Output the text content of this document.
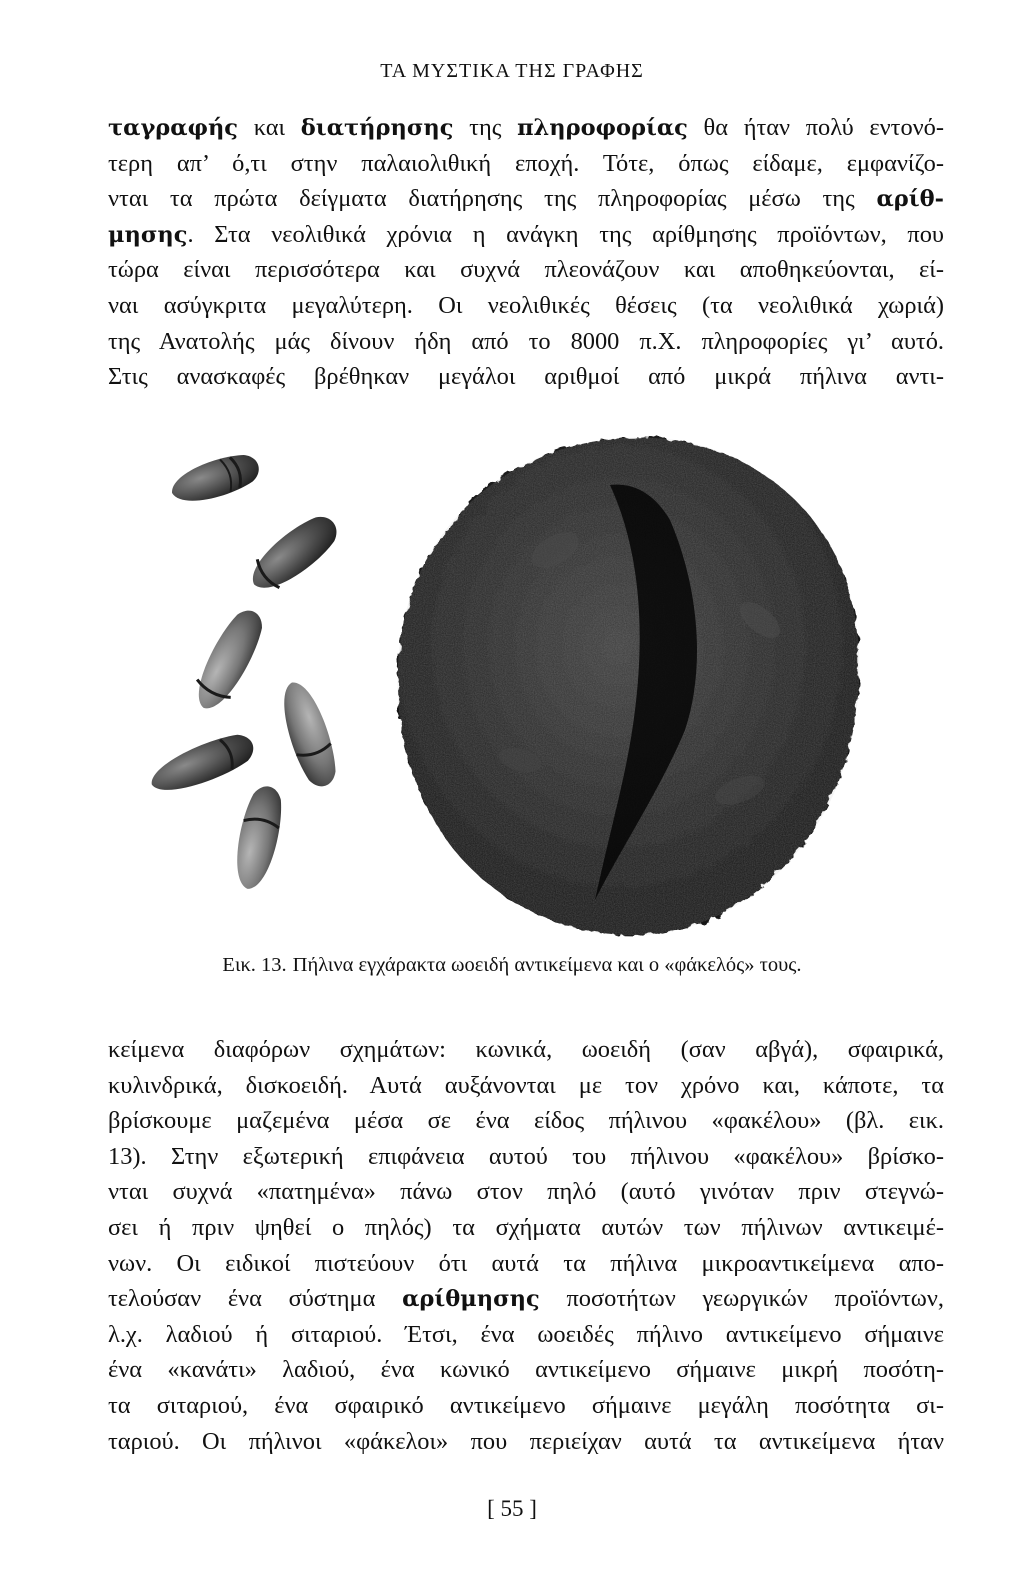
ΤΑ ΜΥΣΤΙΚΑ ΤΗΣ ΓΡΑΦΗΣ
ταγραφής και διατήρησης της πληροφορίας θα ήταν πολύ εντονό-
τερη απ’ ό,τι στην παλαιολιθική εποχή. Τότε, όπως είδαμε, εμφανίζο-
νται τα πρώτα δείγματα διατήρησης της πληροφορίας μέσω της αρίθ-
μησης. Στα νεολιθικά χρόνια η ανάγκη της αρίθμησης προϊόντων, που
τώρα είναι περισσότερα και συχνά πλεονάζουν και αποθηκεύονται, εί-
ναι ασύγκριτα μεγαλύτερη. Οι νεολιθικές θέσεις (τα νεολιθικά χωριά)
της Ανατολής μάς δίνουν ήδη από το 8000 π.Χ. πληροφορίες γι’ αυτό.
Στις ανασκαφές βρέθηκαν μεγάλοι αριθμοί από μικρά πήλινα αντι-
Εικ. 13. Πήλινα εγχάρακτα ωοειδή αντικείμενα και ο «φάκελός» τους.
κείμενα διαφόρων σχημάτων: κωνικά, ωοειδή (σαν αβγά), σφαιρικά,
κυλινδρικά, δισκοειδή. Αυτά αυξάνονται με τον χρόνο και, κάποτε, τα
βρίσκουμε μαζεμένα μέσα σε ένα είδος πήλινου «φακέλου» (βλ. εικ.
13). Στην εξωτερική επιφάνεια αυτού του πήλινου «φακέλου» βρίσκο-
νται συχνά «πατημένα» πάνω στον πηλό (αυτό γινόταν πριν στεγνώ-
σει ή πριν ψηθεί ο πηλός) τα σχήματα αυτών των πήλινων αντικειμέ-
νων. Οι ειδικοί πιστεύουν ότι αυτά τα πήλινα μικροαντικείμενα απο-
τελούσαν ένα σύστημα αρίθμησης ποσοτήτων γεωργικών προϊόντων,
λ.χ. λαδιού ή σιταριού. Έτσι, ένα ωοειδές πήλινο αντικείμενο σήμαινε
ένα «κανάτι» λαδιού, ένα κωνικό αντικείμενο σήμαινε μικρή ποσότη-
τα σιταριού, ένα σφαιρικό αντικείμενο σήμαινε μεγάλη ποσότητα σι-
ταριού. Οι πήλινοι «φάκελοι» που περιείχαν αυτά τα αντικείμενα ήταν
[ 55 ]
